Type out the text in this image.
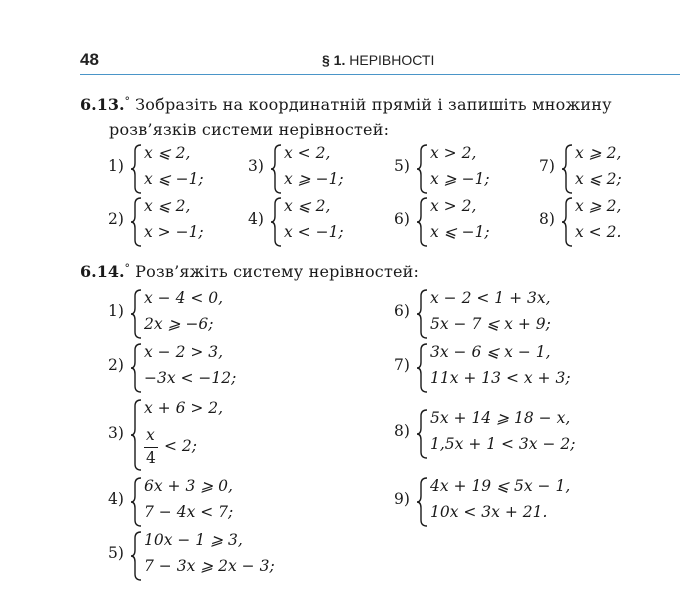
48	§ 1. НЕРІВНОСТІ
6.13.° Зобразіть на координатній прямій і запишіть множину
розв’язків системи нерівностей:
1)
x ⩽ 2,
x ⩽ −1;
3)
x < 2,
x ⩾ −1;
5)
x > 2,
x ⩾ −1;
7)
x ⩾ 2,
x ⩽ 2;
2)
x ⩽ 2,
x > −1;
4)
x ⩽ 2,
x < −1;
6)
x > 2,
x ⩽ −1;
8)
x ⩾ 2,
x < 2.
6.14.° Розв’яжіть систему нерівностей:
1)
x − 4 < 0,
2x ⩾ −6;
2)
x − 2 > 3,
−3x < −12;
3)
x + 6 > 2,
x
4
< 2;
4)
6x + 3 ⩾ 0,
7 − 4x < 7;
5)
10x − 1 ⩾ 3,
7 − 3x ⩾ 2x − 3;
6)
x − 2 < 1 + 3x,
5x − 7 ⩽ x + 9;
7)
3x − 6 ⩽ x − 1,
11x + 13 < x + 3;
8)
5x + 14 ⩾ 18 − x,
1,5x + 1 < 3x − 2;
9)
4x + 19 ⩽ 5x − 1,
10x < 3x + 21.
